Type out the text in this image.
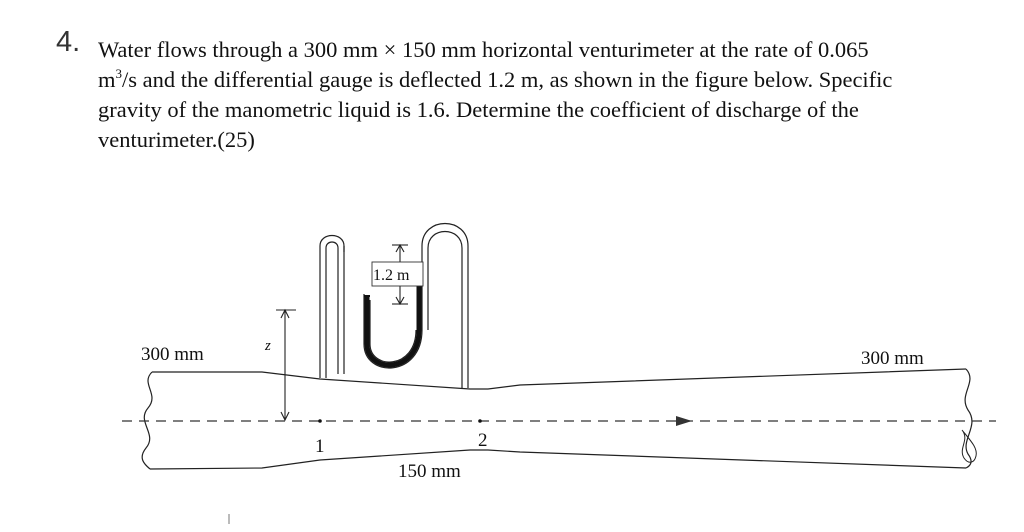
4. Water flows through a 300 mm × 150 mm horizontal venturimeter at the rate of 0.065

$m^3/s$ and the differential gauge is deflected 1.2 m, as shown in the figure below. Specific

gravity of the manometric liquid is 1.6. Determine the coefficient of discharge of the

venturimeter.(25)

1.2 m
z
1	2
300 mm	300 mm
150 mm
